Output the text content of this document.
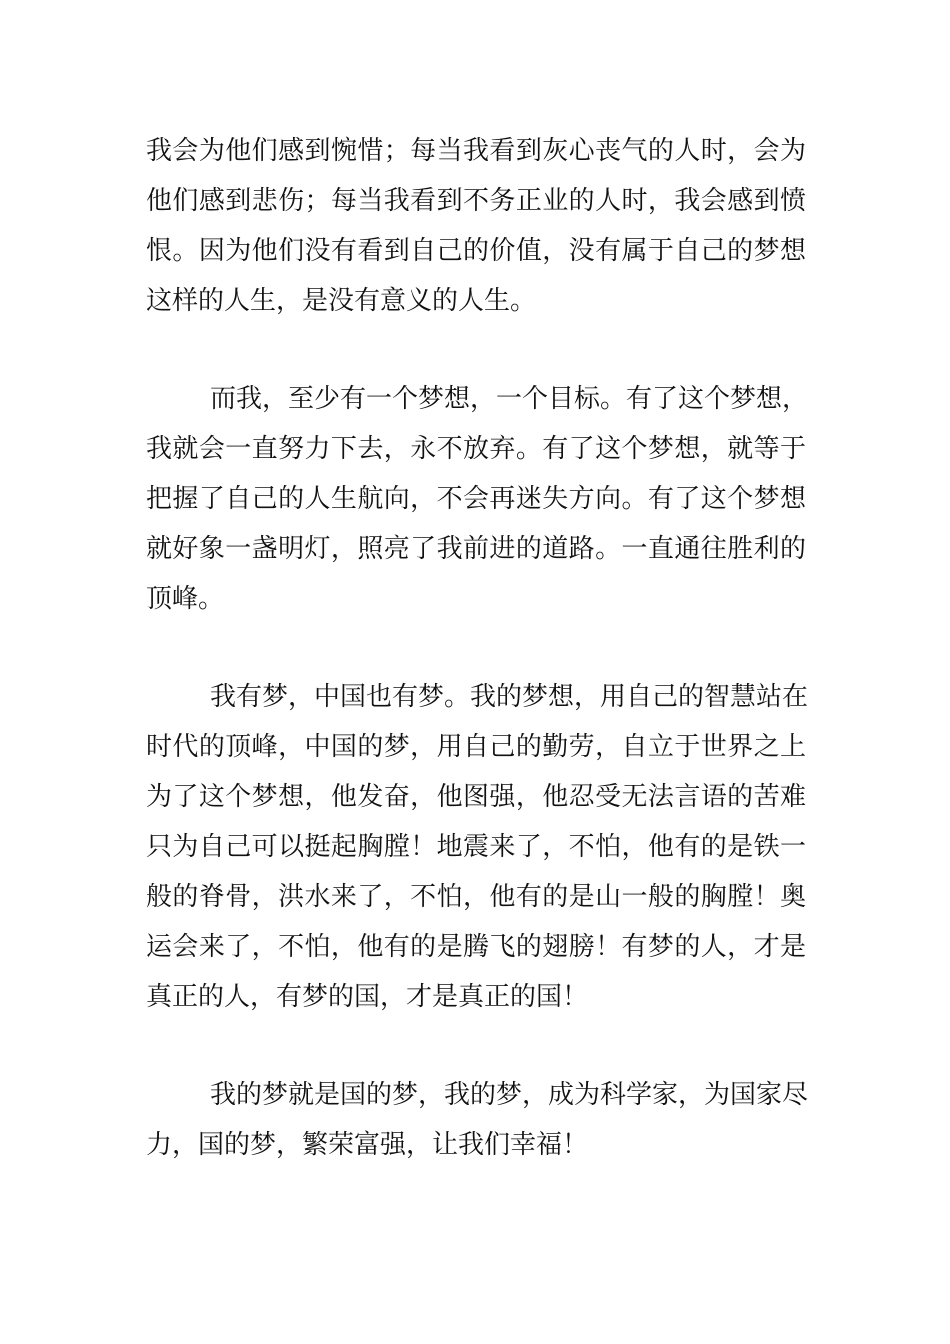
我会为他们感到惋惜；每当我看到灰心丧气的人时，会为
他们感到悲伤；每当我看到不务正业的人时，我会感到愤
恨。因为他们没有看到自己的价值，没有属于自己的梦想
这样的人生，是没有意义的人生。
而我，至少有一个梦想，一个目标。有了这个梦想，
我就会一直努力下去，永不放弃。有了这个梦想，就等于
把握了自己的人生航向，不会再迷失方向。有了这个梦想
就好象一盏明灯，照亮了我前进的道路。一直通往胜利的
顶峰。
我有梦，中国也有梦。我的梦想，用自己的智慧站在
时代的顶峰，中国的梦，用自己的勤劳，自立于世界之上
为了这个梦想，他发奋，他图强，他忍受无法言语的苦难
只为自己可以挺起胸膛！地震来了，不怕，他有的是铁一
般的脊骨，洪水来了，不怕，他有的是山一般的胸膛！奥
运会来了，不怕，他有的是腾飞的翅膀！有梦的人，才是
真正的人，有梦的国，才是真正的国！
我的梦就是国的梦，我的梦，成为科学家，为国家尽
力，国的梦，繁荣富强，让我们幸福！
